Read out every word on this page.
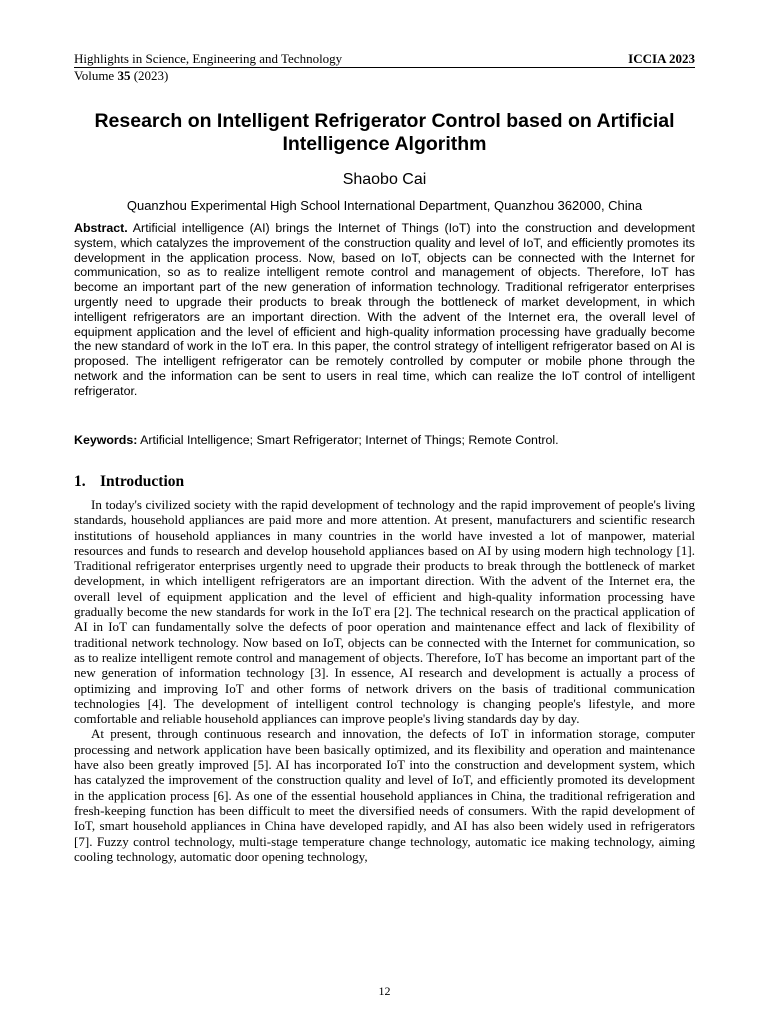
Highlights in Science, Engineering and Technology	ICCIA 2023
Volume 35 (2023)
Research on Intelligent Refrigerator Control based on Artificial Intelligence Algorithm
Shaobo Cai
Quanzhou Experimental High School International Department, Quanzhou 362000, China

Abstract. Artificial intelligence (AI) brings the Internet of Things (IoT) into the construction and development system, which catalyzes the improvement of the construction quality and level of IoT, and efficiently promotes its development in the application process. Now, based on IoT, objects can be connected with the Internet for communication, so as to realize intelligent remote control and management of objects. Therefore, IoT has become an important part of the new generation of information technology. Traditional refrigerator enterprises urgently need to upgrade their products to break through the bottleneck of market development, in which intelligent refrigerators are an important direction. With the advent of the Internet era, the overall level of equipment application and the level of efficient and high-quality information processing have gradually become the new standard of work in the IoT era. In this paper, the control strategy of intelligent refrigerator based on AI is proposed. The intelligent refrigerator can be remotely controlled by computer or mobile phone through the network and the information can be sent to users in real time, which can realize the IoT control of intelligent refrigerator.

Keywords: Artificial Intelligence; Smart Refrigerator; Internet of Things; Remote Control.

1. Introduction

In today's civilized society with the rapid development of technology and the rapid improvement of people's living standards, household appliances are paid more and more attention. At present, manufacturers and scientific research institutions of household appliances in many countries in the world have invested a lot of manpower, material resources and funds to research and develop household appliances based on AI by using modern high technology [1]. Traditional refrigerator enterprises urgently need to upgrade their products to break through the bottleneck of market development, in which intelligent refrigerators are an important direction. With the advent of the Internet era, the overall level of equipment application and the level of efficient and high-quality information processing have gradually become the new standards for work in the IoT era [2]. The technical research on the practical application of AI in IoT can fundamentally solve the defects of poor operation and maintenance effect and lack of flexibility of traditional network technology. Now based on IoT, objects can be connected with the Internet for communication, so as to realize intelligent remote control and management of objects. Therefore, IoT has become an important part of the new generation of information technology [3]. In essence, AI research and development is actually a process of optimizing and improving IoT and other forms of network drivers on the basis of traditional communication technologies [4]. The development of intelligent control technology is changing people's lifestyle, and more comfortable and reliable household appliances can improve people's living standards day by day.

At present, through continuous research and innovation, the defects of IoT in information storage, computer processing and network application have been basically optimized, and its flexibility and operation and maintenance have also been greatly improved [5]. AI has incorporated IoT into the construction and development system, which has catalyzed the improvement of the construction quality and level of IoT, and efficiently promoted its development in the application process [6]. As one of the essential household appliances in China, the traditional refrigeration and fresh-keeping function has been difficult to meet the diversified needs of consumers. With the rapid development of IoT, smart household appliances in China have developed rapidly, and AI has also been widely used in refrigerators [7]. Fuzzy control technology, multi-stage temperature change technology, automatic ice making technology, aiming cooling technology, automatic door opening technology,

12
